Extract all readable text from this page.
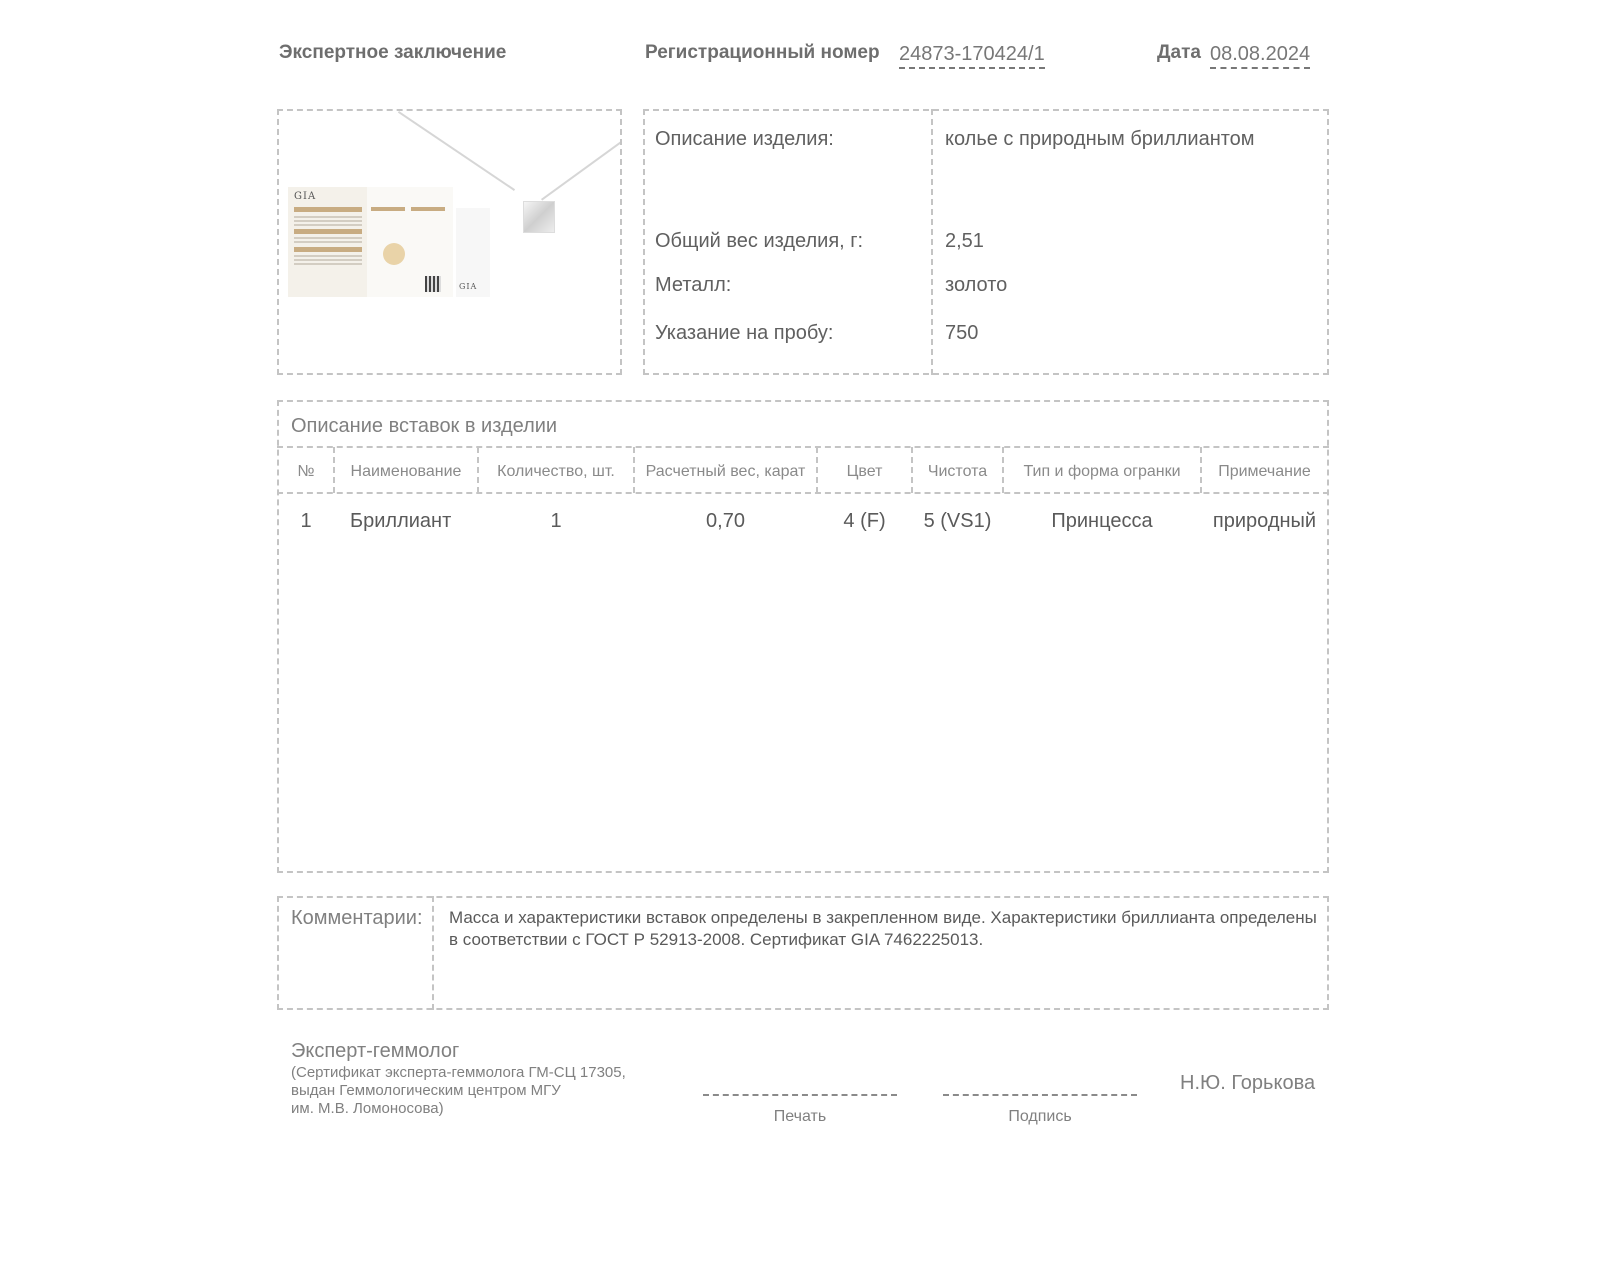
Экспертное заключение	Регистрационный номер 24873-170424/1	Дата 08.08.2024
GIA
GIA
Описание изделия:	колье с природным бриллиантом
Общий вес изделия, г:	2,51
Металл:	золото
Указание на пробу:	750
Описание вставок в изделии
№	Наименование	Количество, шт.	Расчетный вес, карат	Цвет	Чистота	Тип и форма огранки	Примечание
1	Бриллиант	1	0,70	4 (F)	5 (VS1)	Принцесса	природный
Комментарии: Масса и характеристики вставок определены в закрепленном виде. Характеристики бриллианта определены в соответствии с ГОСТ Р 52913-2008. Сертификат GIA 7462225013.
Эксперт-геммолог
(Сертификат эксперта-геммолога ГМ-СЦ 17305,
выдан Геммологическим центром МГУ
им. М.В. Ломоносова)	Печать	Подпись
Н.Ю. Горькова
